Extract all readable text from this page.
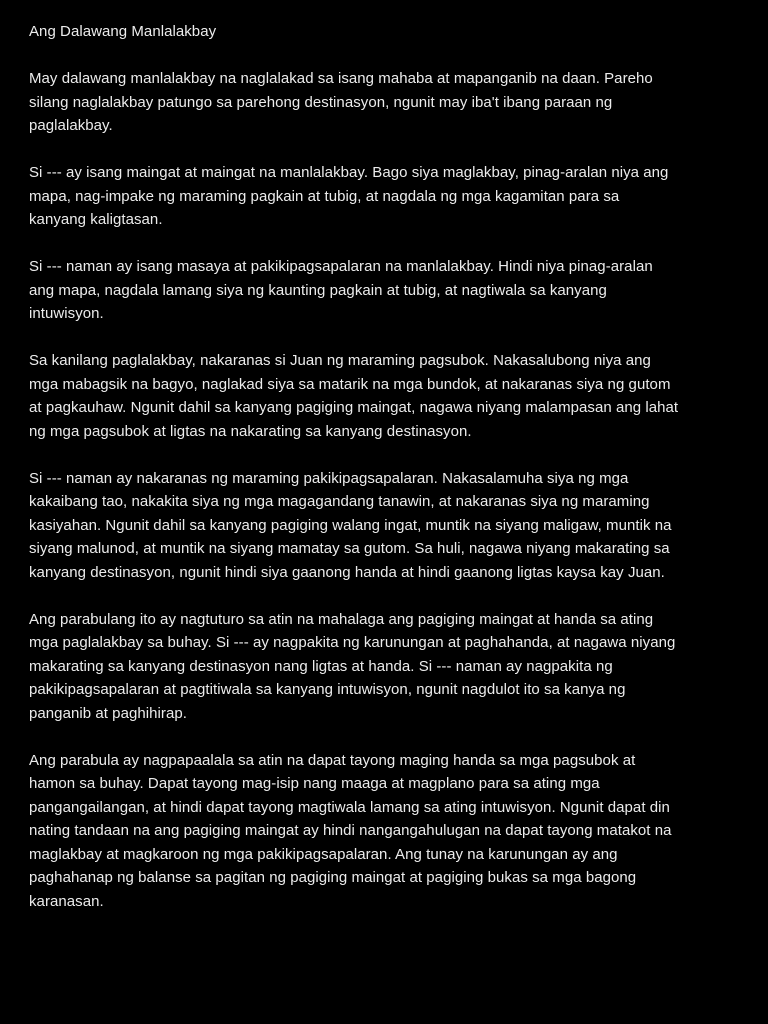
Ang Dalawang Manlalakbay
May dalawang manlalakbay na naglalakad sa isang mahaba at mapanganib na daan. Pareho
silang naglalakbay patungo sa parehong destinasyon, ngunit may iba't ibang paraan ng
paglalakbay.
Si --- ay isang maingat at maingat na manlalakbay. Bago siya maglakbay, pinag-aralan niya ang
mapa, nag-impake ng maraming pagkain at tubig, at nagdala ng mga kagamitan para sa
kanyang kaligtasan.
Si --- naman ay isang masaya at pakikipagsapalaran na manlalakbay. Hindi niya pinag-aralan
ang mapa, nagdala lamang siya ng kaunting pagkain at tubig, at nagtiwala sa kanyang
intuwisyon.
Sa kanilang paglalakbay, nakaranas si Juan ng maraming pagsubok. Nakasalubong niya ang
mga mabagsik na bagyo, naglakad siya sa matarik na mga bundok, at nakaranas siya ng gutom
at pagkauhaw. Ngunit dahil sa kanyang pagiging maingat, nagawa niyang malampasan ang lahat
ng mga pagsubok at ligtas na nakarating sa kanyang destinasyon.
Si --- naman ay nakaranas ng maraming pakikipagsapalaran. Nakasalamuha siya ng mga
kakaibang tao, nakakita siya ng mga magagandang tanawin, at nakaranas siya ng maraming
kasiyahan. Ngunit dahil sa kanyang pagiging walang ingat, muntik na siyang maligaw, muntik na
siyang malunod, at muntik na siyang mamatay sa gutom. Sa huli, nagawa niyang makarating sa
kanyang destinasyon, ngunit hindi siya gaanong handa at hindi gaanong ligtas kaysa kay Juan.
Ang parabulang ito ay nagtuturo sa atin na mahalaga ang pagiging maingat at handa sa ating
mga paglalakbay sa buhay. Si --- ay nagpakita ng karunungan at paghahanda, at nagawa niyang
makarating sa kanyang destinasyon nang ligtas at handa. Si --- naman ay nagpakita ng
pakikipagsapalaran at pagtitiwala sa kanyang intuwisyon, ngunit nagdulot ito sa kanya ng
panganib at paghihirap.
Ang parabula ay nagpapaalala sa atin na dapat tayong maging handa sa mga pagsubok at
hamon sa buhay. Dapat tayong mag-isip nang maaga at magplano para sa ating mga
pangangailangan, at hindi dapat tayong magtiwala lamang sa ating intuwisyon. Ngunit dapat din
nating tandaan na ang pagiging maingat ay hindi nangangahulugan na dapat tayong matakot na
maglakbay at magkaroon ng mga pakikipagsapalaran. Ang tunay na karunungan ay ang
paghahanap ng balanse sa pagitan ng pagiging maingat at pagiging bukas sa mga bagong
karanasan.
